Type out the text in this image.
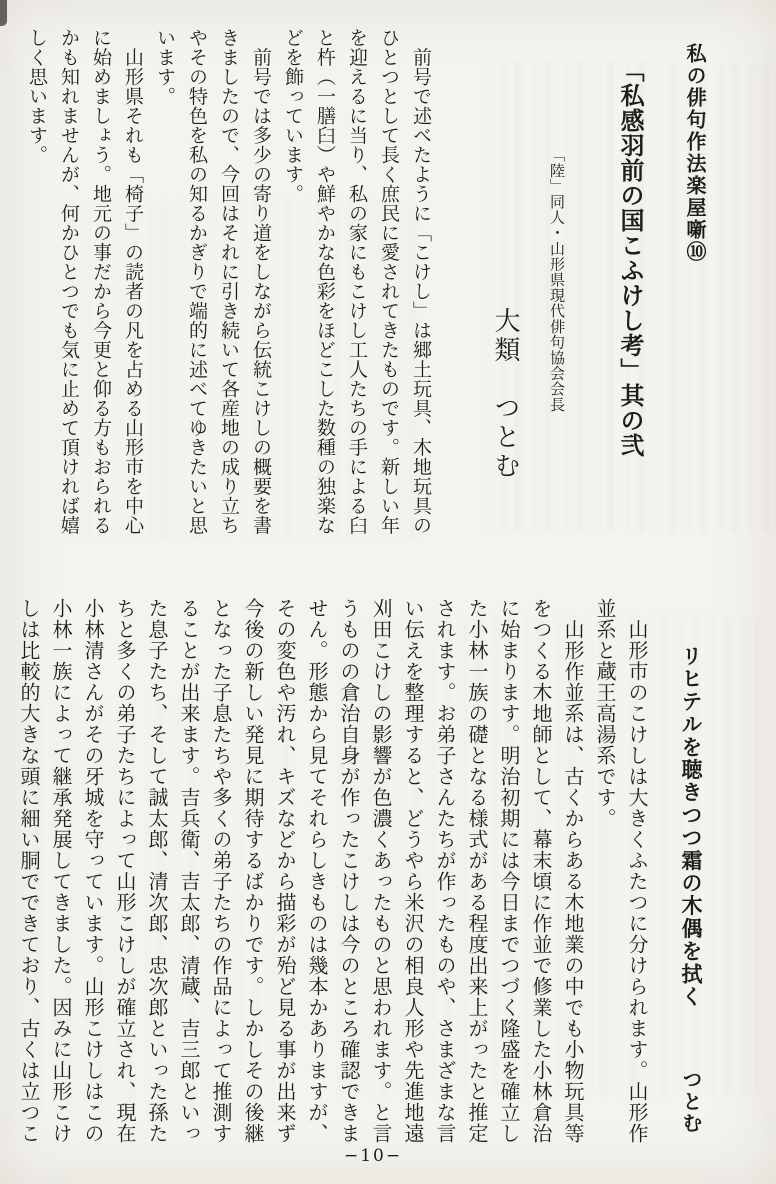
私の俳句作法楽屋噺⑩
「私感羽前の国こふけし考」其の弐
「陸」同人・山形県現代俳句協会会長
大類　つとむ
　前号で述べたように「こけし」は郷土玩具、木地玩具の
ひとつとして長く庶民に愛されてきたものです。新しい年
を迎えるに当り、私の家にもこけし工人たちの手による臼
と杵（一膳臼）や鮮やかな色彩をほどこした数種の独楽な
どを飾っています。
　前号では多少の寄り道をしながら伝統こけしの概要を書
きましたので、今回はそれに引き続いて各産地の成り立ち
やその特色を私の知るかぎりで端的に述べてゆきたいと思
います。
　山形県それも「椅子」の読者の凡を占める山形市を中心
に始めましょう。地元の事だから今更と仰る方もおられる
かも知れませんが、何かひとつでも気に止めて頂ければ嬉
しく思います。
リヒテルを聴きつつ霜の木偶を拭く つとむ
　山形市のこけしは大きくふたつに分けられます。山形作
並系と蔵王高湯系です。
　山形作並系は、古くからある木地業の中でも小物玩具等
をつくる木地師として、幕末頃に作並で修業した小林倉治
に始まります。明治初期には今日までつづく隆盛を確立し
た小林一族の礎となる様式がある程度出来上がったと推定
されます。お弟子さんたちが作ったものや、さまざまな言
い伝えを整理すると、どうやら米沢の相良人形や先進地遠
刈田こけしの影響が色濃くあったものと思われます。と言
うものの倉治自身が作ったこけしは今のところ確認できま
せん。形態から見てそれらしきものは幾本かありますが、
その変色や汚れ、キズなどから描彩が殆ど見る事が出来ず
今後の新しい発見に期待するばかりです。しかしその後継
となった子息たちや多くの弟子たちの作品によって推測す
ることが出来ます。吉兵衛、吉太郎、清蔵、吉三郎といっ
た息子たち、そして誠太郎、清次郎、忠次郎といった孫た
ちと多くの弟子たちによって山形こけしが確立され、現在
小林清さんがその牙城を守っています。山形こけしはこの
小林一族によって継承発展してきました。因みに山形こけ
しは比較的大きな頭に細い胴でできており、古くは立つこ
−10−
